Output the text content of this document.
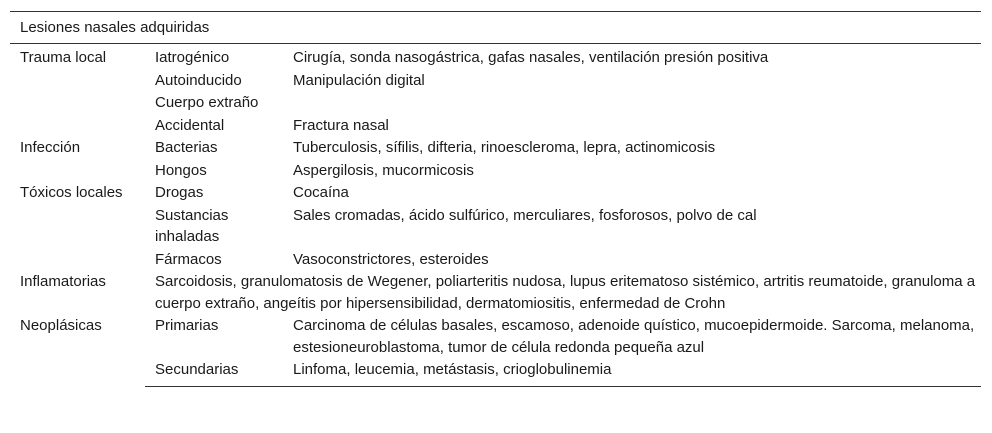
Lesiones nasales adquiridas		
Trauma local	Iatrogénico	Cirugía, sonda nasogástrica, gafas nasales, ventilación presión positiva
	Autoinducido	Manipulación digital
	Cuerpo extraño	
	Accidental	Fractura nasal
Infección	Bacterias	Tuberculosis, sífilis, difteria, rinoescleroma, lepra, actinomicosis
	Hongos	Aspergilosis, mucormicosis
Tóxicos locales	Drogas	Cocaína
	Sustancias inhaladas	Sales cromadas, ácido sulfúrico, merculiares, fosforosos, polvo de cal
	Fármacos	Vasoconstrictores, esteroides
Inflamatorias	Sarcoidosis, granulomatosis de Wegener, poliarteritis nudosa, lupus eritematoso sistémico, artritis reumatoide, granuloma a cuerpo extraño, angeítis por hipersensibilidad, dermatomiositis, enfermedad de Crohn	
Neoplásicas	Primarias	Carcinoma de células basales, escamoso, adenoide quístico, mucoepidermoide. Sarcoma, melanoma, estesioneuroblastoma, tumor de célula redonda pequeña azul
	Secundarias	Linfoma, leucemia, metástasis, crioglobulinemia
